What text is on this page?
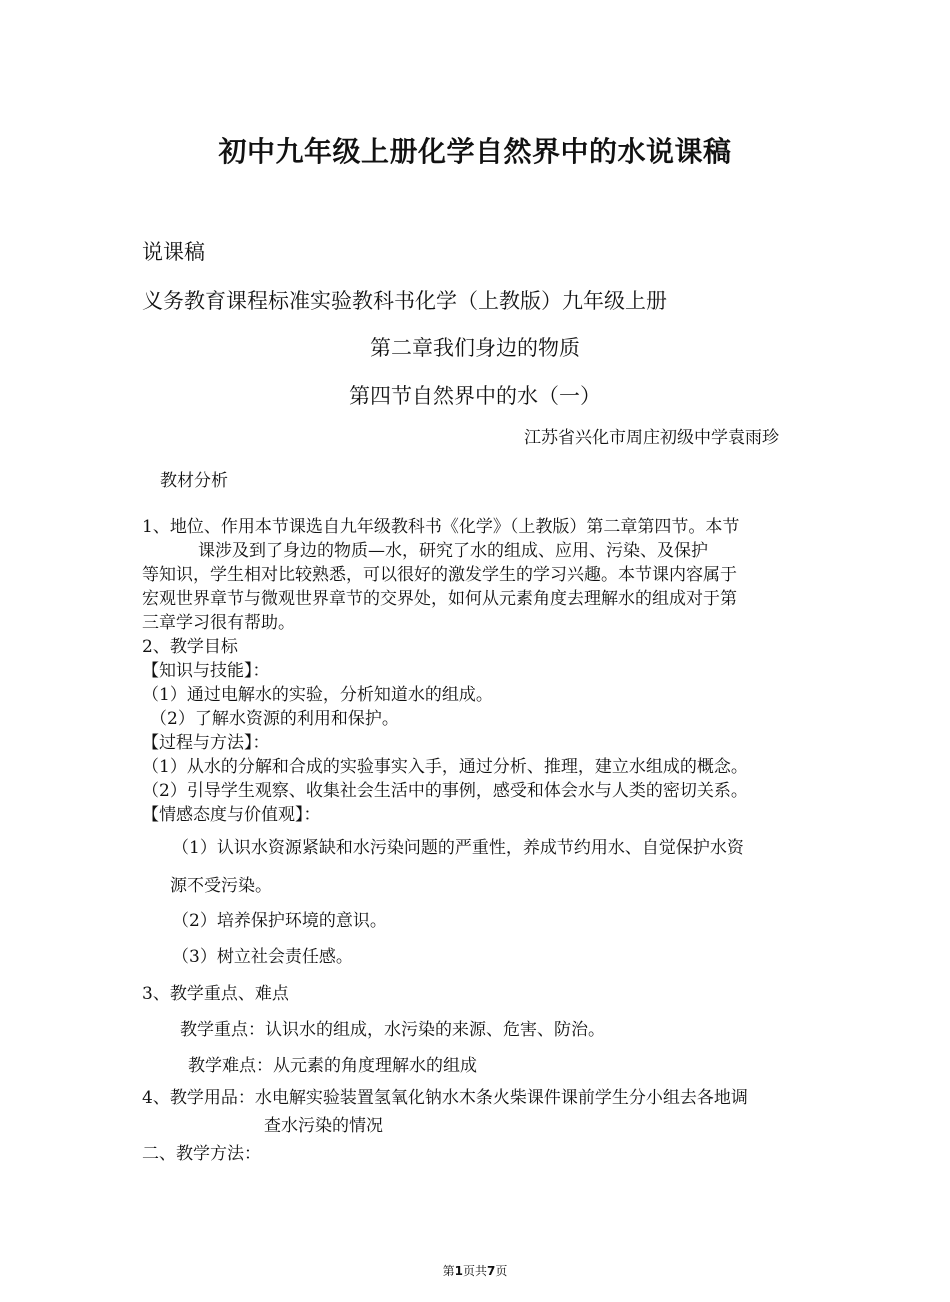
初中九年级上册化学自然界中的水说课稿
说课稿
义务教育课程标准实验教科书化学（上教版）九年级上册
第二章我们身边的物质
第四节自然界中的水（一）
江苏省兴化市周庄初级中学袁雨珍
教材分析
1、地位、作用本节课选自九年级教科书《化学》（上教版）第二章第四节。本节
课涉及到了身边的物质—水，研究了水的组成、应用、污染、及保护
等知识，学生相对比较熟悉，可以很好的激发学生的学习兴趣。本节课内容属于
宏观世界章节与微观世界章节的交界处，如何从元素角度去理解水的组成对于第
三章学习很有帮助。
2、教学目标
【知识与技能】：
（1）通过电解水的实验，分析知道水的组成。
（2）了解水资源的利用和保护。
【过程与方法】：
（1）从水的分解和合成的实验事实入手，通过分析、推理，建立水组成的概念。
（2）引导学生观察、收集社会生活中的事例，感受和体会水与人类的密切关系。
【情感态度与价值观】：
（1）认识水资源紧缺和水污染问题的严重性，养成节约用水、自觉保护水资
源不受污染。
（2）培养保护环境的意识。
（3）树立社会责任感。
3、教学重点、难点
教学重点：认识水的组成，水污染的来源、危害、防治。
教学难点：从元素的角度理解水的组成
4、教学用品：水电解实验装置氢氧化钠水木条火柴课件课前学生分小组去各地调
查水污染的情况
二、教学方法：
第1页共7页
